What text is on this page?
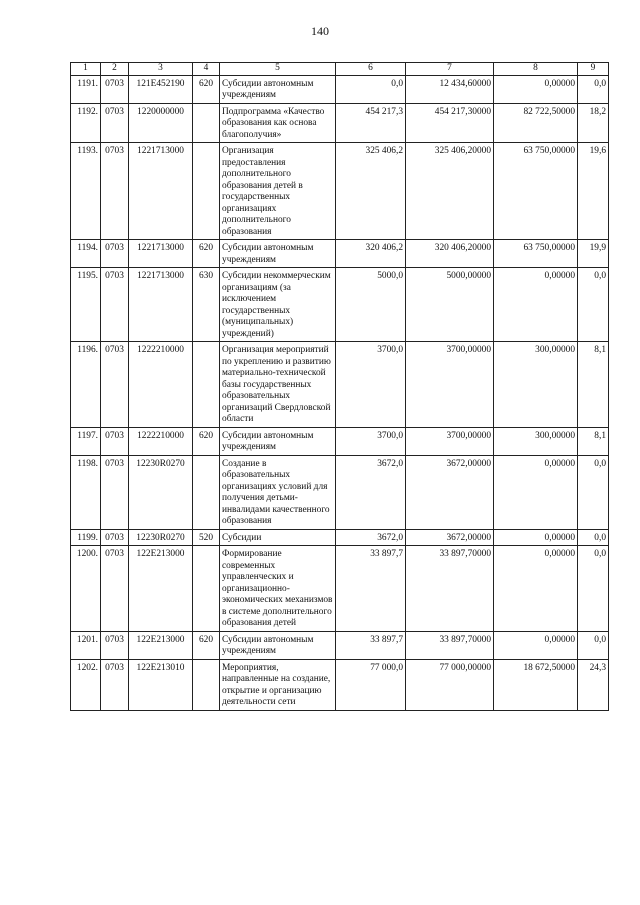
140
1	2	3	4	5	6	7	8	9
1191.	0703	121E452190	620	Субсидии автономным учреждениям	0,0	12 434,60000	0,00000	0,0
1192.	0703	1220000000		Подпрограмма «Качество образования как основа благополучия»	454 217,3	454 217,30000	82 722,50000	18,2
1193.	0703	1221713000		Организация предоставления дополнительного образования детей в государственных организациях дополнительного образования	325 406,2	325 406,20000	63 750,00000	19,6
1194.	0703	1221713000	620	Субсидии автономным учреждениям	320 406,2	320 406,20000	63 750,00000	19,9
1195.	0703	1221713000	630	Субсидии некоммерческим организациям (за исключением государственных (муниципальных) учреждений)	5000,0	5000,00000	0,00000	0,0
1196.	0703	1222210000		Организация мероприятий по укреплению и развитию материально-технической базы государственных образовательных организаций Свердловской области	3700,0	3700,00000	300,00000	8,1
1197.	0703	1222210000	620	Субсидии автономным учреждениям	3700,0	3700,00000	300,00000	8,1
1198.	0703	12230R0270		Создание в образовательных организациях условий для получения детьми-инвалидами качественного образования	3672,0	3672,00000	0,00000	0,0
1199.	0703	12230R0270	520	Субсидии	3672,0	3672,00000	0,00000	0,0
1200.	0703	122E213000		Формирование современных управленческих и организационно-экономических механизмов в системе дополнительного образования детей	33 897,7	33 897,70000	0,00000	0,0
1201.	0703	122E213000	620	Субсидии автономным учреждениям	33 897,7	33 897,70000	0,00000	0,0
1202.	0703	122E213010		Мероприятия, направленные на создание, открытие и организацию деятельности сети	77 000,0	77 000,00000	18 672,50000	24,3
